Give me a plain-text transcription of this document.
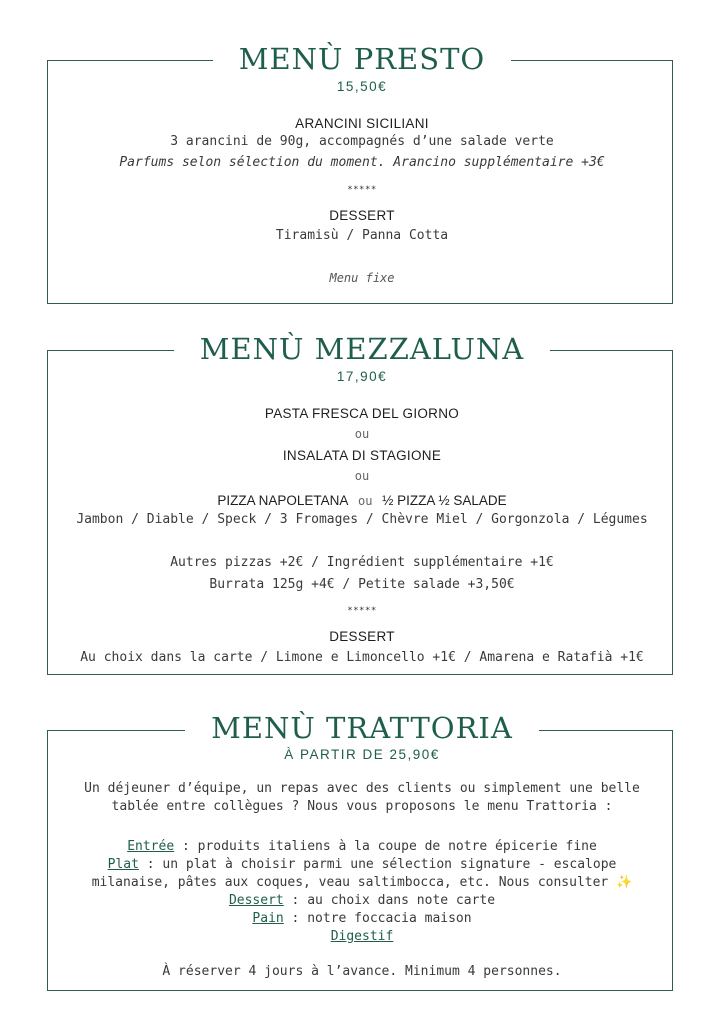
MENÙ PRESTO
15,50€
ARANCINI SICILIANI
3 arancini de 90g, accompagnés d’une salade verte
Parfums selon sélection du moment. Arancino supplémentaire +3€
*****
DESSERT
Tiramisù / Panna Cotta
Menu fixe
MENÙ MEZZALUNA
17,90€
PASTA FRESCA DEL GIORNO
ou
INSALATA DI STAGIONE
ou
PIZZA NAPOLETANA ou ½ PIZZA ½ SALADE
Jambon / Diable / Speck / 3 Fromages / Chèvre Miel / Gorgonzola / Légumes
Autres pizzas +2€ / Ingrédient supplémentaire +1€
Burrata 125g +4€ / Petite salade +3,50€
*****
DESSERT
Au choix dans la carte / Limone e Limoncello +1€ / Amarena e Ratafià +1€
MENÙ TRATTORIA
À PARTIR DE 25,90€
Un déjeuner d’équipe, un repas avec des clients ou simplement une belle
tablée entre collègues ? Nous vous proposons le menu Trattoria :
Entrée : produits italiens à la coupe de notre épicerie fine
Plat : un plat à choisir parmi une sélection signature - escalope
milanaise, pâtes aux coques, veau saltimbocca, etc. Nous consulter ✨
Dessert : au choix dans note carte
Pain : notre foccacia maison
Digestif
À réserver 4 jours à l’avance. Minimum 4 personnes.
